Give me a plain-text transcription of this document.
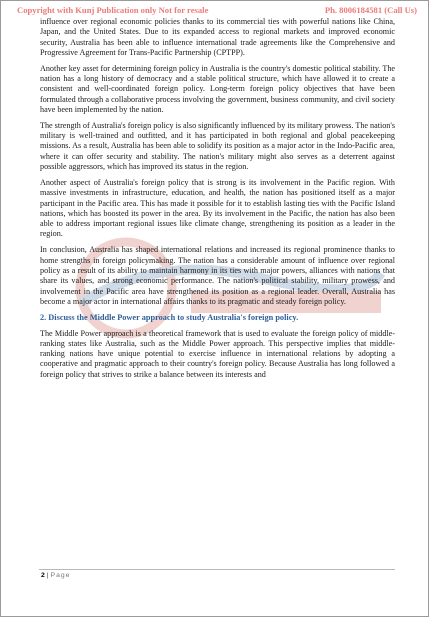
Copyright with Kunj Publication only Not for resale	Ph. 8006184581 (Call Us)

influence over regional economic policies thanks to its commercial ties with powerful nations like China, Japan, and the United States. Due to its expanded access to regional markets and improved economic security, Australia has been able to influence international trade agreements like the Comprehensive and Progressive Agreement for Trans-Pacific Partnership (CPTPP).

Another key asset for determining foreign policy in Australia is the country's domestic political stability. The nation has a long history of democracy and a stable political structure, which have allowed it to create a consistent and well-coordinated foreign policy. Long-term foreign policy objectives that have been formulated through a collaborative process involving the government, business community, and civil society have been implemented by the nation.

The strength of Australia's foreign policy is also significantly influenced by its military prowess. The nation's military is well-trained and outfitted, and it has participated in both regional and global peacekeeping missions. As a result, Australia has been able to solidify its position as a major actor in the Indo-Pacific area, where it can offer security and stability. The nation's military might also serves as a deterrent against possible aggressors, which has improved its status in the region.

Another aspect of Australia's foreign policy that is strong is its involvement in the Pacific region. With massive investments in infrastructure, education, and health, the nation has positioned itself as a major participant in the Pacific area. This has made it possible for it to establish lasting ties with the Pacific Island nations, which has boosted its power in the area. By its involvement in the Pacific, the nation has also been able to address important regional issues like climate change, strengthening its position as a leader in the region.

In conclusion, Australia has shaped international relations and increased its regional prominence thanks to home strengths in foreign policymaking. The nation has a considerable amount of influence over regional policy as a result of its ability to maintain harmony in its ties with major powers, alliances with nations that share its values, and strong economic performance. The nation's political stability, military prowess, and involvement in the Pacific area have strengthened its position as a regional leader. Overall, Australia has become a major actor in international affairs thanks to its pragmatic and steady foreign policy.

2. Discuss the Middle Power approach to study Australia's foreign policy.

The Middle Power approach is a theoretical framework that is used to evaluate the foreign policy of middle-ranking states like Australia, such as the Middle Power approach. This perspective implies that middle-ranking nations have unique potential to exercise influence in international relations by adopting a cooperative and pragmatic approach to their country's foreign policy. Because Australia has long followed a foreign policy that strives to strike a balance between its interests and

2 | Page
